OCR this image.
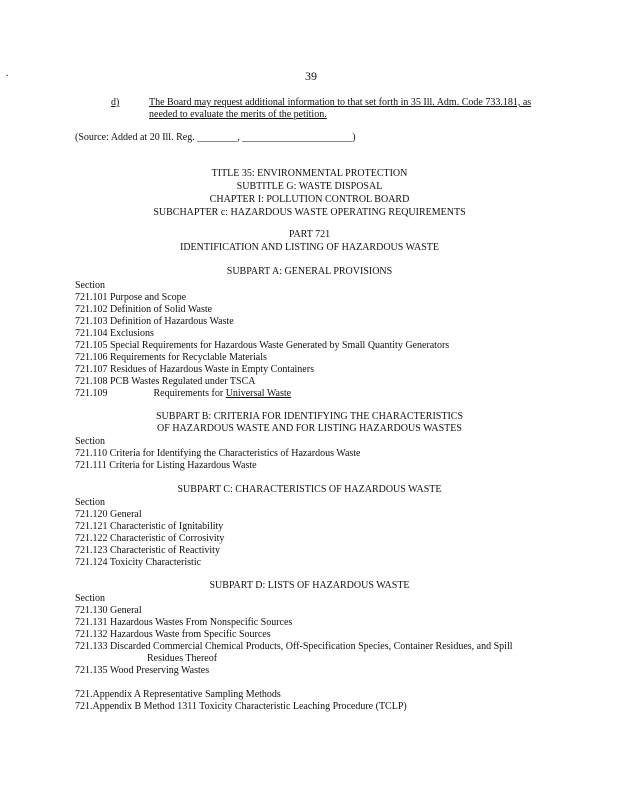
.	39
d)	The Board may request additional information to that set forth in 35 Ill. Adm. Code 733.181, as
needed to evaluate the merits of the petition.
(Source: Added at 20 Ill. Reg. ________, ______________________)
TITLE 35: ENVIRONMENTAL PROTECTION
SUBTITLE G: WASTE DISPOSAL
CHAPTER I: POLLUTION CONTROL BOARD
SUBCHAPTER c: HAZARDOUS WASTE OPERATING REQUIREMENTS
PART 721
IDENTIFICATION AND LISTING OF HAZARDOUS WASTE
SUBPART A: GENERAL PROVISIONS
Section
721.101 Purpose and Scope
721.102 Definition of Solid Waste
721.103 Definition of Hazardous Waste
721.104 Exclusions
721.105 Special Requirements for Hazardous Waste Generated by Small Quantity Generators
721.106 Requirements for Recyclable Materials
721.107 Residues of Hazardous Waste in Empty Containers
721.108 PCB Wastes Regulated under TSCA
721.109	Requirements for Universal Waste
SUBPART B: CRITERIA FOR IDENTIFYING THE CHARACTERISTICS
OF HAZARDOUS WASTE AND FOR LISTING HAZARDOUS WASTES
Section
721.110 Criteria for Identifying the Characteristics of Hazardous Waste
721.111 Criteria for Listing Hazardous Waste
SUBPART C: CHARACTERISTICS OF HAZARDOUS WASTE
Section
721.120 General
721.121 Characteristic of Ignitability
721.122 Characteristic of Corrosivity
721.123 Characteristic of Reactivity
721.124 Toxicity Characteristic
SUBPART D: LISTS OF HAZARDOUS WASTE
Section
721.130 General
721.131 Hazardous Wastes From Nonspecific Sources
721.132 Hazardous Waste from Specific Sources
721.133 Discarded Commercial Chemical Products, Off-Specification Species, Container Residues, and Spill
Residues Thereof
721.135 Wood Preserving Wastes
721.Appendix A Representative Sampling Methods
721.Appendix B Method 1311 Toxicity Characteristic Leaching Procedure (TCLP)
